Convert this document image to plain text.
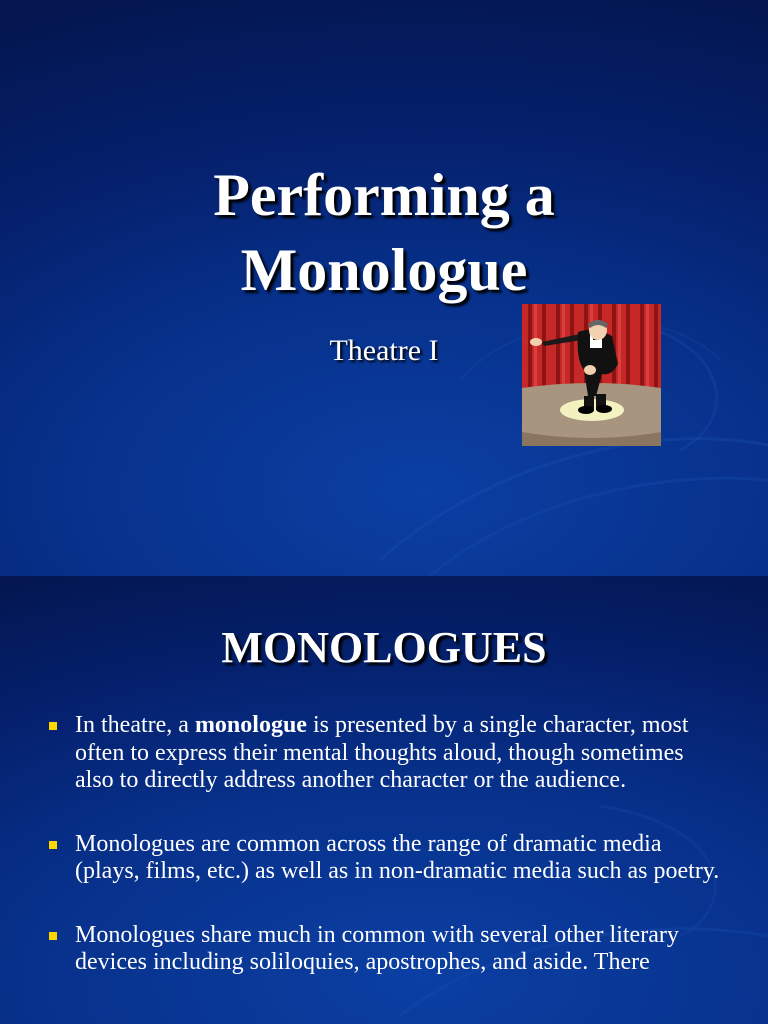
Performing a
Monologue
Theatre I
MONOLOGUES
In theatre, a monologue is presented by a single character, most often to express their mental thoughts aloud, though sometimes also to directly address another character or the audience.
Monologues are common across the range of dramatic media (plays, films, etc.) as well as in non-dramatic media such as poetry.
Monologues share much in common with several other literary devices including soliloquies, apostrophes, and aside. There
